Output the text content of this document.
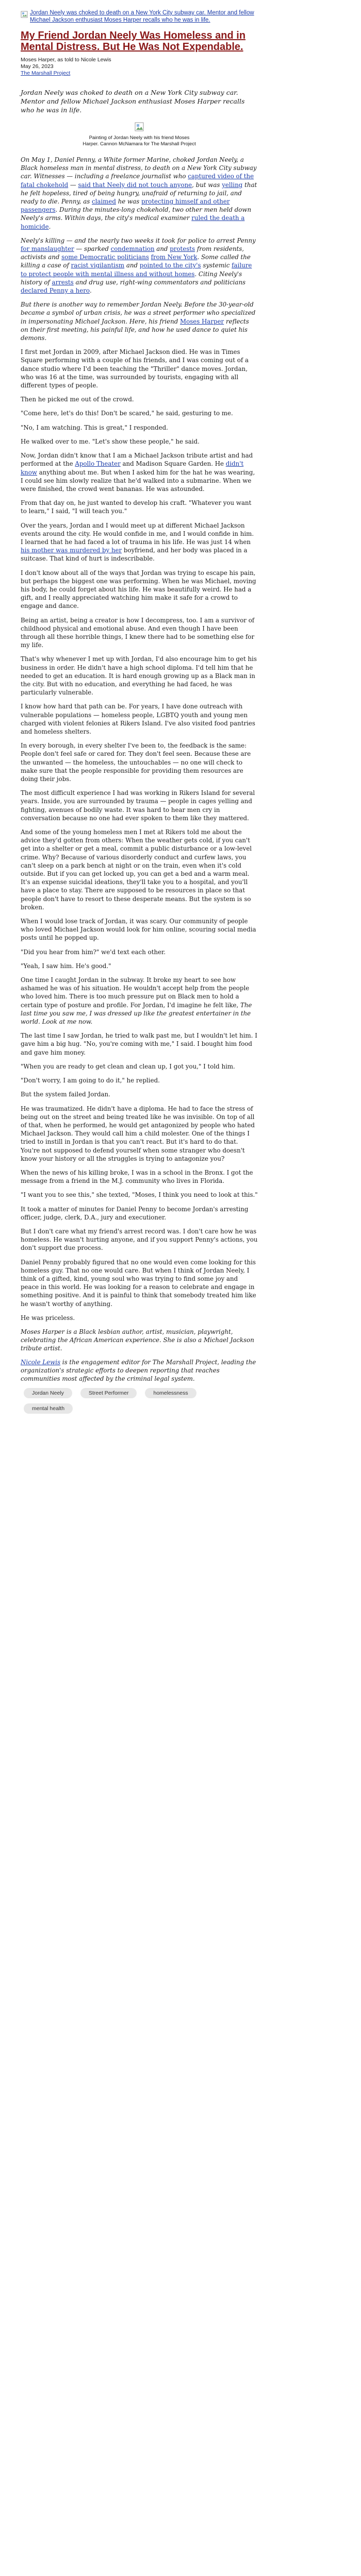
Jordan Neely was choked to death on a New York City subway car. Mentor and fellow Michael Jackson enthusiast Moses Harper recalls who he was in life.
My Friend Jordan Neely Was Homeless and in Mental Distress. But He Was Not Expendable.
Moses Harper, as told to Nicole Lewis
May 26, 2023
The Marshall Project
Jordan Neely was choked to death on a New York City subway car. Mentor and fellow Michael Jackson enthusiast Moses Harper recalls who he was in life.
Painting of Jordan Neely with his friend Moses
Harper. Cannon McNamara for The Marshall Project

On May 1, Daniel Penny, a White former Marine, choked Jordan Neely, a Black homeless man in mental distress, to death on a New York City subway car. Witnesses — including a freelance journalist who captured video of the fatal chokehold — said that Neely did not touch anyone, but was yelling that he felt hopeless, tired of being hungry, unafraid of returning to jail, and ready to die. Penny, as claimed he was protecting himself and other passengers. During the minutes-long chokehold, two other men held down Neely's arms. Within days, the city's medical examiner ruled the death a homicide.

Neely's killing — and the nearly two weeks it took for police to arrest Penny for manslaughter — sparked condemnation and protests from residents, activists and some Democratic politicians from New York. Some called the killing a case of racist vigilantism and pointed to the city's systemic failure to protect people with mental illness and without homes. Citing Neely's history of arrests and drug use, right-wing commentators and politicians declared Penny a hero.

But there is another way to remember Jordan Neely. Before the 30-year-old became a symbol of urban crisis, he was a street performer who specialized in impersonating Michael Jackson. Here, his friend Moses Harper reflects on their first meeting, his painful life, and how he used dance to quiet his demons.

I first met Jordan in 2009, after Michael Jackson died. He was in Times Square performing with a couple of his friends, and I was coming out of a dance studio where I'd been teaching the "Thriller" dance moves. Jordan, who was 16 at the time, was surrounded by tourists, engaging with all different types of people.

Then he picked me out of the crowd.

"Come here, let's do this! Don't be scared," he said, gesturing to me.

"No, I am watching. This is great," I responded.

He walked over to me. "Let's show these people," he said.

Now, Jordan didn't know that I am a Michael Jackson tribute artist and had performed at the Apollo Theater and Madison Square Garden. He didn't know anything about me. But when I asked him for the hat he was wearing, I could see him slowly realize that he'd walked into a submarine. When we were finished, the crowd went bananas. He was astounded.

From that day on, he just wanted to develop his craft. "Whatever you want to learn," I said, "I will teach you."

Over the years, Jordan and I would meet up at different Michael Jackson events around the city. He would confide in me, and I would confide in him. I learned that he had faced a lot of trauma in his life. He was just 14 when his mother was murdered by her boyfriend, and her body was placed in a suitcase. That kind of hurt is indescribable.

I don't know about all of the ways that Jordan was trying to escape his pain, but perhaps the biggest one was performing. When he was Michael, moving his body, he could forget about his life. He was beautifully weird. He had a gift, and I really appreciated watching him make it safe for a crowd to engage and dance.

Being an artist, being a creator is how I decompress, too. I am a survivor of childhood physical and emotional abuse. And even though I have been through all these horrible things, I knew there had to be something else for my life.

That's why whenever I met up with Jordan, I'd also encourage him to get his business in order. He didn't have a high school diploma. I'd tell him that he needed to get an education. It is hard enough growing up as a Black man in the city. But with no education, and everything he had faced, he was particularly vulnerable.

I know how hard that path can be. For years, I have done outreach with vulnerable populations — homeless people, LGBTQ youth and young men charged with violent felonies at Rikers Island. I've also visited food pantries and homeless shelters.

In every borough, in every shelter I've been to, the feedback is the same: People don't feel safe or cared for. They don't feel seen. Because these are the unwanted — the homeless, the untouchables — no one will check to make sure that the people responsible for providing them resources are doing their jobs.

The most difficult experience I had was working in Rikers Island for several years. Inside, you are surrounded by trauma — people in cages yelling and fighting, avenues of bodily waste. It was hard to hear men cry in conversation because no one had ever spoken to them like they mattered.

And some of the young homeless men I met at Rikers told me about the advice they'd gotten from others: When the weather gets cold, if you can't get into a shelter or get a meal, commit a public disturbance or a low-level crime. Why? Because of various disorderly conduct and curfew laws, you can't sleep on a park bench at night or on the train, even when it's cold outside. But if you can get locked up, you can get a bed and a warm meal. It's an expense suicidal ideations, they'll take you to a hospital, and you'll have a place to stay. There are supposed to be resources in place so that people don't have to resort to these desperate means. But the system is so broken.

When I would lose track of Jordan, it was scary. Our community of people who loved Michael Jackson would look for him online, scouring social media posts until he popped up.

"Did you hear from him?" we'd text each other.

"Yeah, I saw him. He's good."

One time I caught Jordan in the subway. It broke my heart to see how ashamed he was of his situation. He wouldn't accept help from the people who loved him. There is too much pressure put on Black men to hold a certain type of posture and profile. For Jordan, I'd imagine he felt like, The last time you saw me, I was dressed up like the greatest entertainer in the world. Look at me now.

The last time I saw Jordan, he tried to walk past me, but I wouldn't let him. I gave him a big hug. "No, you're coming with me," I said. I bought him food and gave him money.

"When you are ready to get clean and clean up, I got you," I told him.

"Don't worry, I am going to do it," he replied.

But the system failed Jordan.

He was traumatized. He didn't have a diploma. He had to face the stress of being out on the street and being treated like he was invisible. On top of all of that, when he performed, he would get antagonized by people who hated Michael Jackson. They would call him a child molester. One of the things I tried to instill in Jordan is that you can't react. But it's hard to do that. You're not supposed to defend yourself when some stranger who doesn't know your history or all the struggles is trying to antagonize you?

When the news of his killing broke, I was in a school in the Bronx. I got the message from a friend in the M.J. community who lives in Florida.

"I want you to see this," she texted, "Moses, I think you need to look at this."

It took a matter of minutes for Daniel Penny to become Jordan's arresting officer, judge, clerk, D.A., jury and executioner.

But I don't care what my friend's arrest record was. I don't care how he was homeless. He wasn't hurting anyone, and if you support Penny's actions, you don't support due process.

Daniel Penny probably figured that no one would even come looking for this homeless guy. That no one would care. But when I think of Jordan Neely, I think of a gifted, kind, young soul who was trying to find some joy and peace in this world. He was looking for a reason to celebrate and engage in something positive. And it is painful to think that somebody treated him like he wasn't worthy of anything.

He was priceless.

Moses Harper is a Black lesbian author, artist, musician, playwright, celebrating the African American experience. She is also a Michael Jackson tribute artist.

Nicole Lewis is the engagement editor for The Marshall Project, leading the organization's strategic efforts to deepen reporting that reaches communities most affected by the criminal legal system.

Jordan Neely	Street Performer	homelessness
mental health
